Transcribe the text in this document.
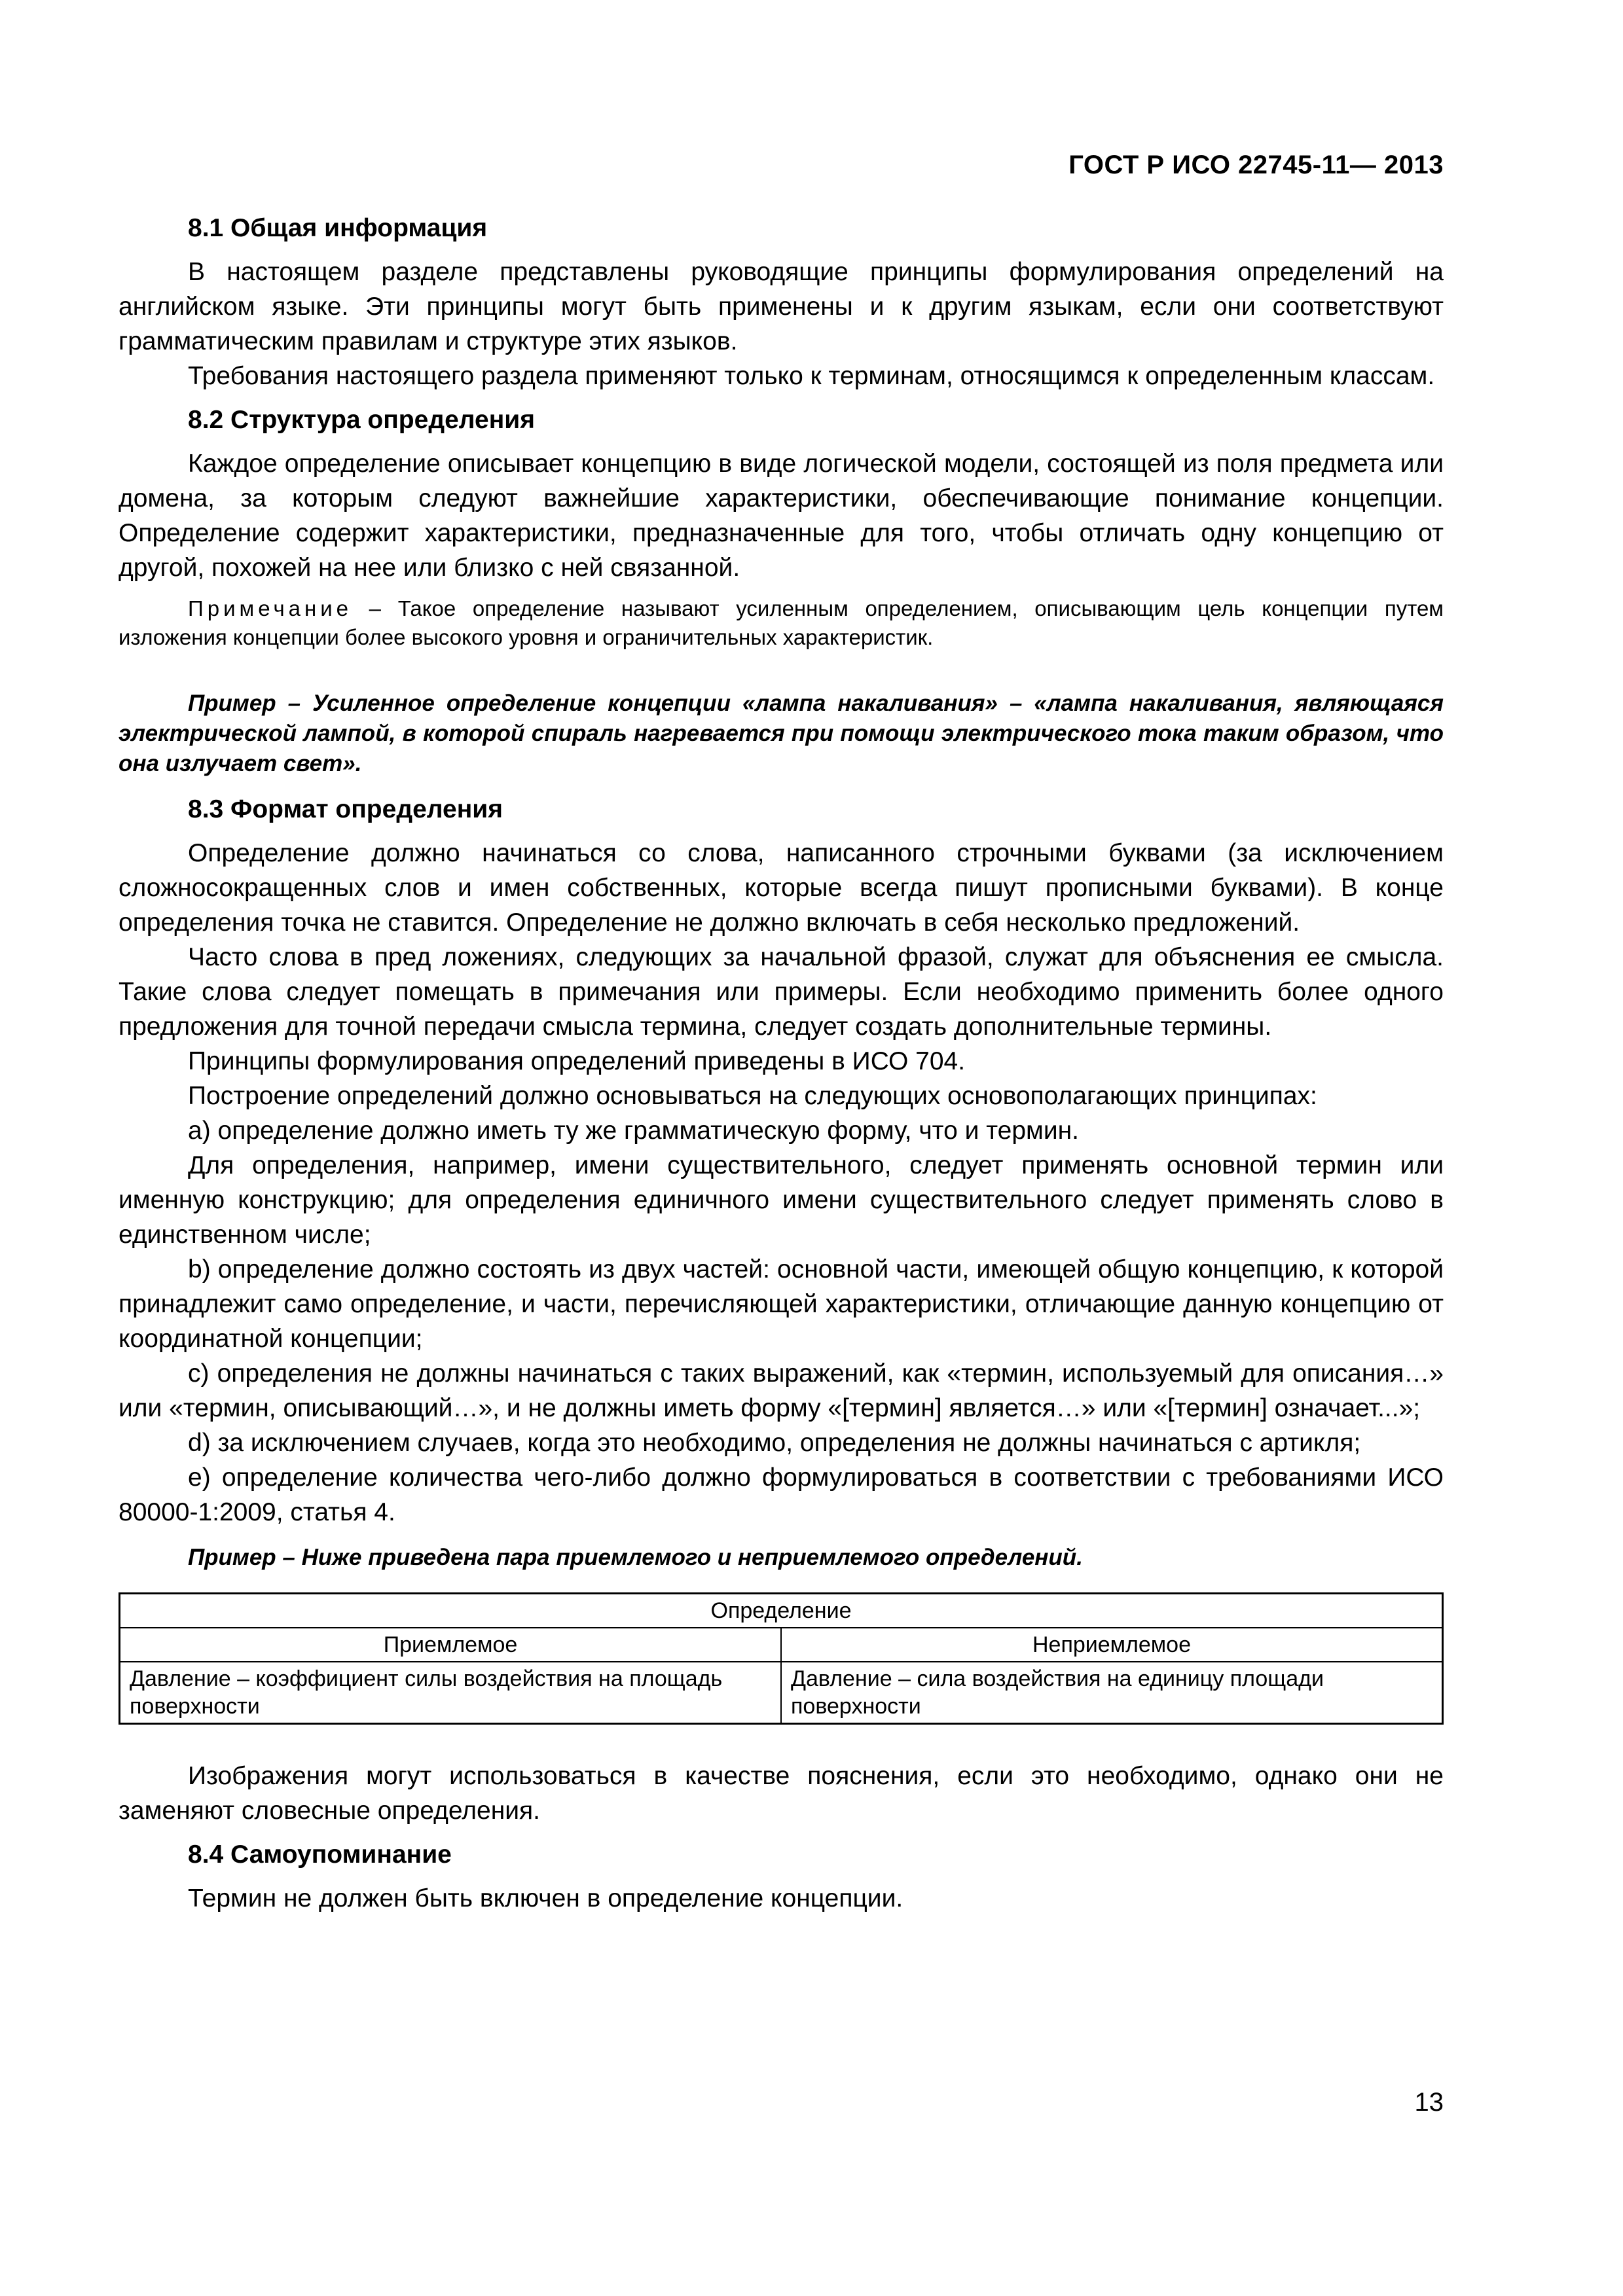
ГОСТ Р ИСО 22745-11— 2013
8.1 Общая информация

В настоящем разделе представлены руководящие принципы формулирования определений на английском языке. Эти принципы могут быть применены и к другим языкам, если они соответствуют грамматическим правилам и структуре этих языков.

Требования настоящего раздела применяют только к терминам, относящимся к определенным классам.

8.2 Структура определения

Каждое определение описывает концепцию в виде логической модели, состоящей из поля предмета или домена, за которым следуют важнейшие характеристики, обеспечивающие понимание концепции. Определение содержит характеристики, предназначенные для того, чтобы отличать одну концепцию от другой, похожей на нее или близко с ней связанной.

Примечание – Такое определение называют усиленным определением, описывающим цель концепции путем изложения концепции более высокого уровня и ограничительных характеристик.
Пример – Усиленное определение концепции «лампа накаливания» – «лампа накаливания, являющаяся электрической лампой, в которой спираль нагревается при помощи электрического тока таким образом, что она излучает свет».
8.3 Формат определения

Определение должно начинаться со слова, написанного строчными буквами (за исключением сложносокращенных слов и имен собственных, которые всегда пишут прописными буквами). В конце определения точка не ставится. Определение не должно включать в себя несколько предложений.

Часто слова в пред ложениях, следующих за начальной фразой, служат для объяснения ее смысла. Такие слова следует помещать в примечания или примеры. Если необходимо применить более одного предложения для точной передачи смысла термина, следует создать дополнительные термины.

Принципы формулирования определений приведены в ИСО 704.

Построение определений должно основываться на следующих основополагающих принципах:

а) определение должно иметь ту же грамматическую форму, что и термин.

Для определения, например, имени существительного, следует применять основной термин или именную конструкцию; для определения единичного имени существительного следует применять слово в единственном числе;

b) определение должно состоять из двух частей: основной части, имеющей общую концепцию, к которой принадлежит само определение, и части, перечисляющей характеристики, отличающие данную концепцию от координатной концепции;

с) определения не должны начинаться с таких выражений, как «термин, используемый для описания…» или «термин, описывающий…», и не должны иметь форму «[термин] является…» или «[термин] означает...»;

d) за исключением случаев, когда это необходимо, определения не должны начинаться с артикля;

е) определение количества чего-либо должно формулироваться в соответствии с требованиями ИСО 80000-1:2009, статья 4.

Пример – Ниже приведена пара приемлемого и неприемлемого определений.
Определение	
Приемлемое	Неприемлемое
Давление – коэффициент силы воздействия на площадь поверхности	Давление – сила воздействия на единицу площади поверхности

Изображения могут использоваться в качестве пояснения, если это необходимо, однако они не заменяют словесные определения.

8.4 Самоупоминание

Термин не должен быть включен в определение концепции.

13
